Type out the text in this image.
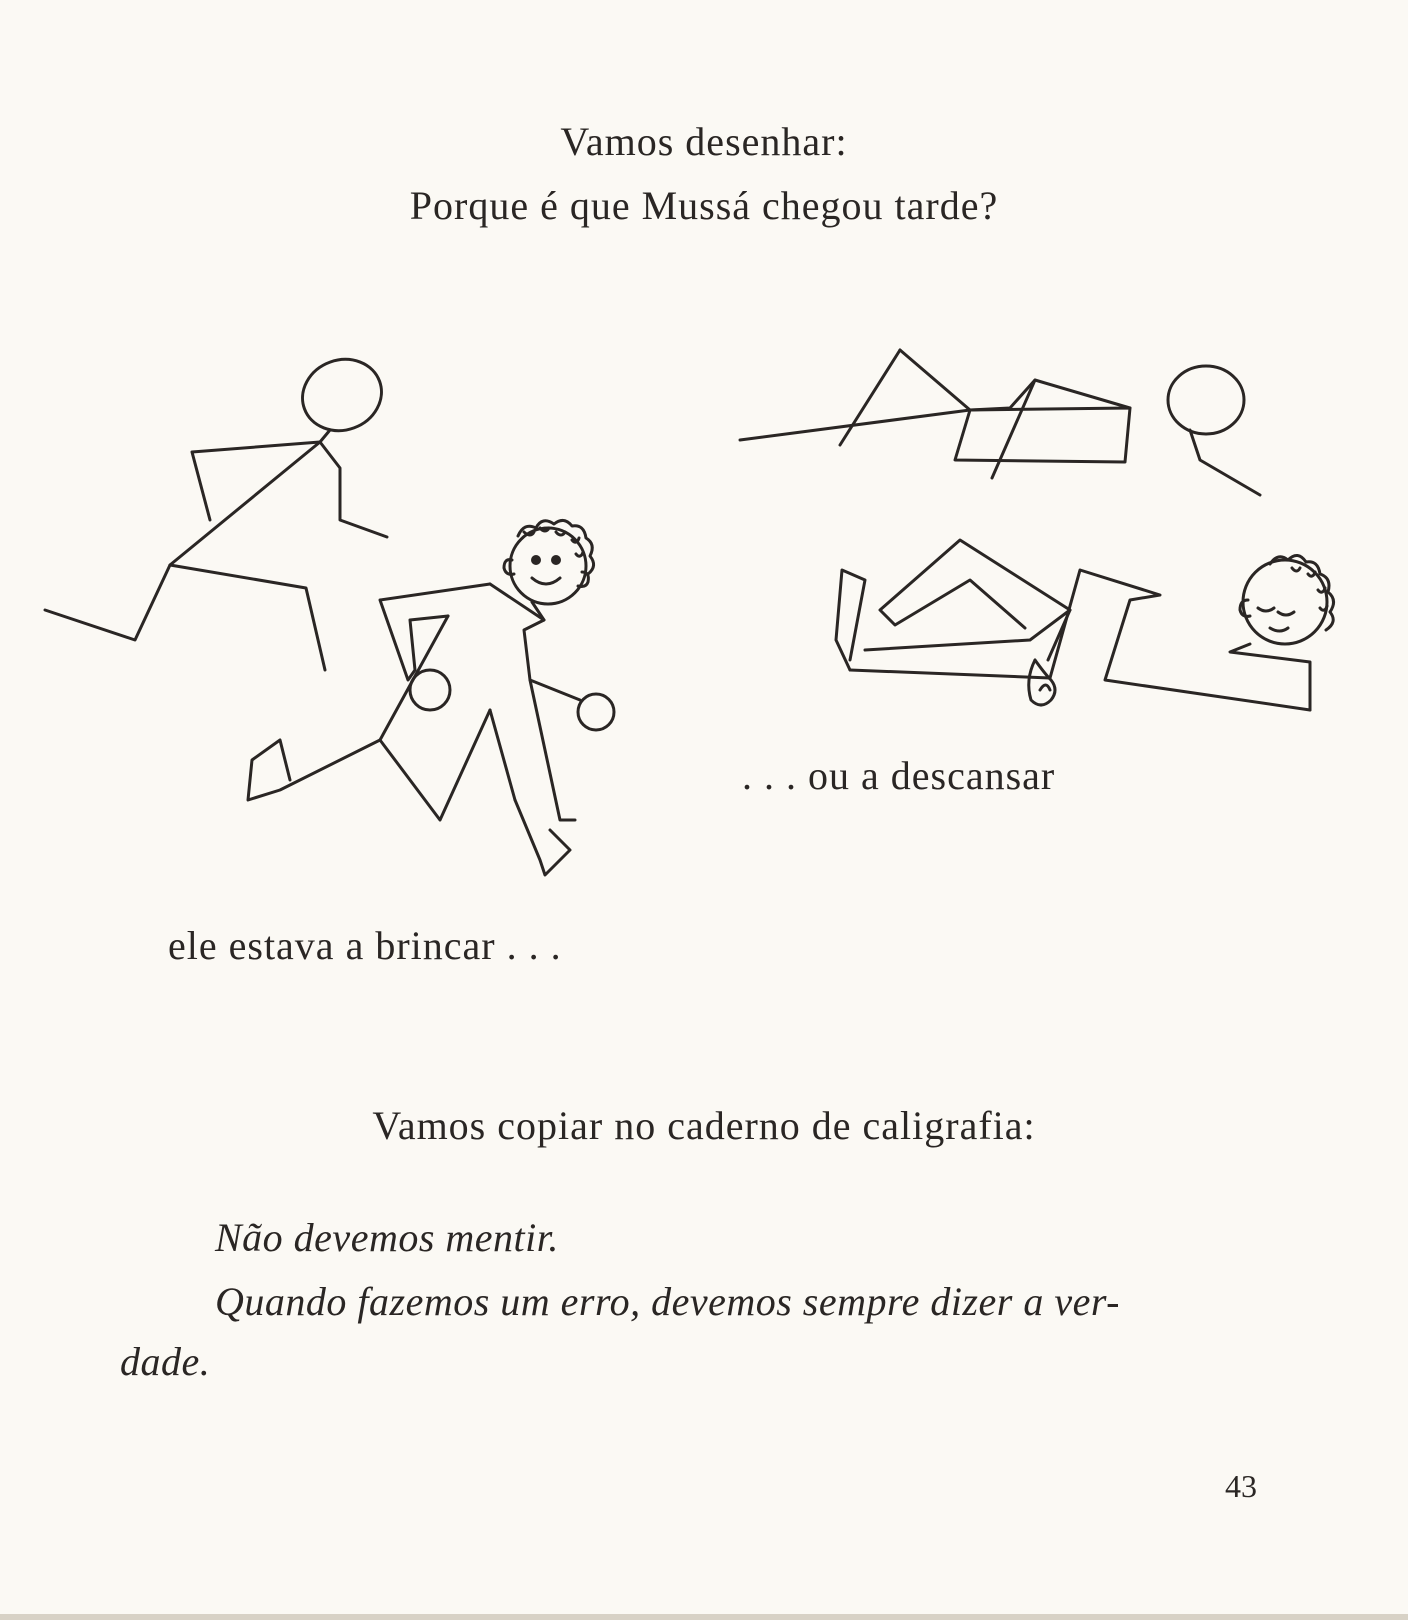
Vamos desenhar:
Porque é que Mussá chegou tarde?
ele estava a brincar . . .
. . . ou a descansar
Vamos copiar no caderno de caligrafia:
Não devemos mentir.
Quando fazemos um erro, devemos sempre dizer a ver-
dade.
43
